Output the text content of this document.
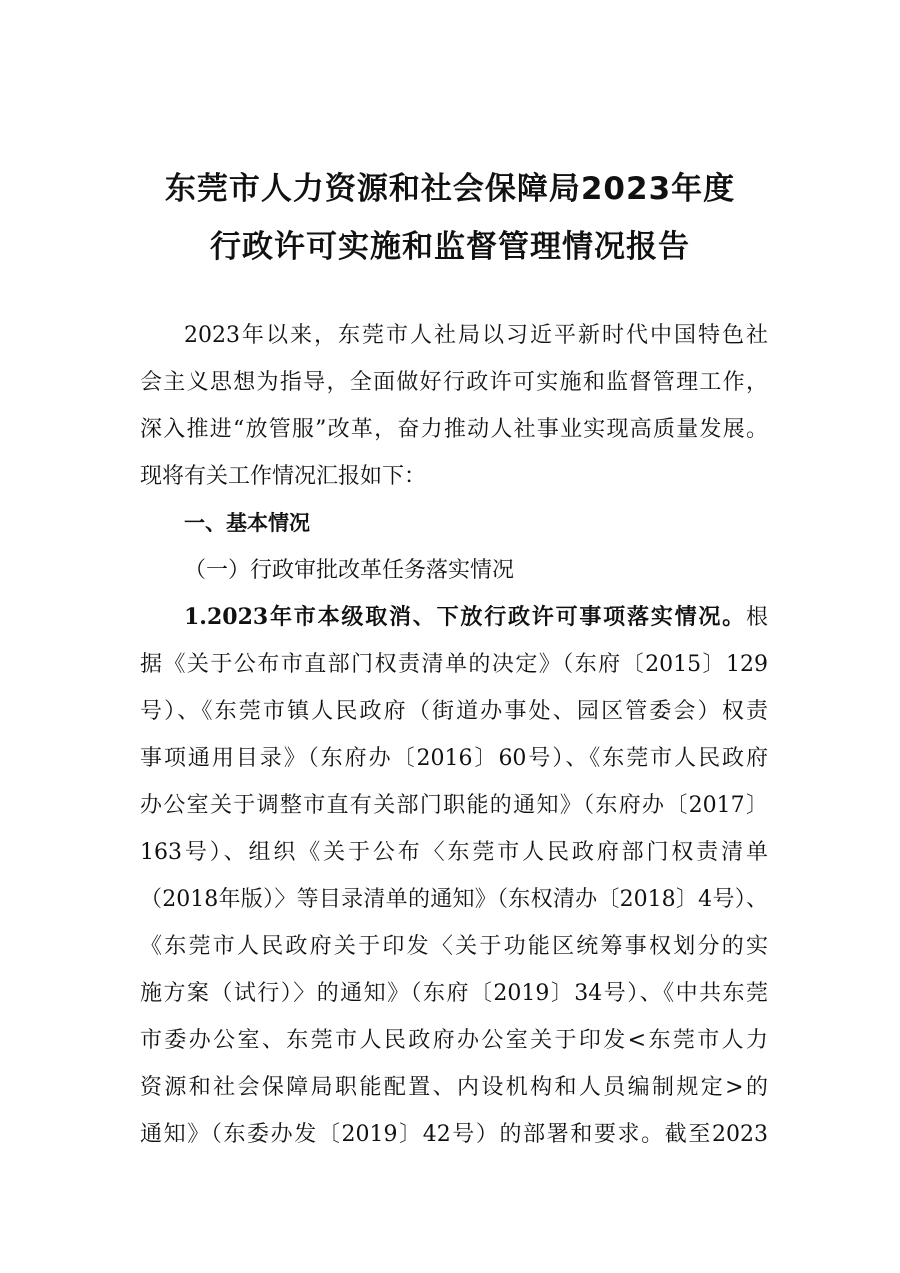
东莞市人力资源和社会保障局2023年度
行政许可实施和监督管理情况报告
2023年以来，东莞市人社局以习近平新时代中国特色社
会主义思想为指导，全面做好行政许可实施和监督管理工作，
深入推进“放管服”改革，奋力推动人社事业实现高质量发展。
现将有关工作情况汇报如下：
一、基本情况
（一）行政审批改革任务落实情况
1.2023年市本级取消、下放行政许可事项落实情况。根
据《关于公布市直部门权责清单的决定》（东府〔2015〕129
号）、《东莞市镇人民政府（街道办事处、园区管委会）权责
事项通用目录》（东府办〔2016〕60号）、《东莞市人民政府
办公室关于调整市直有关部门职能的通知》（东府办〔2017〕
163号）、组织《关于公布〈东莞市人民政府部门权责清单
（2018年版）〉等目录清单的通知》（东权清办〔2018〕4号）、
《东莞市人民政府关于印发〈关于功能区统筹事权划分的实
施方案（试行）〉的通知》（东府〔2019〕34号）、《中共东莞
市委办公室、东莞市人民政府办公室关于印发<东莞市人力
资源和社会保障局职能配置、内设机构和人员编制规定>的
通知》（东委办发〔2019〕42号）的部署和要求。截至2023
